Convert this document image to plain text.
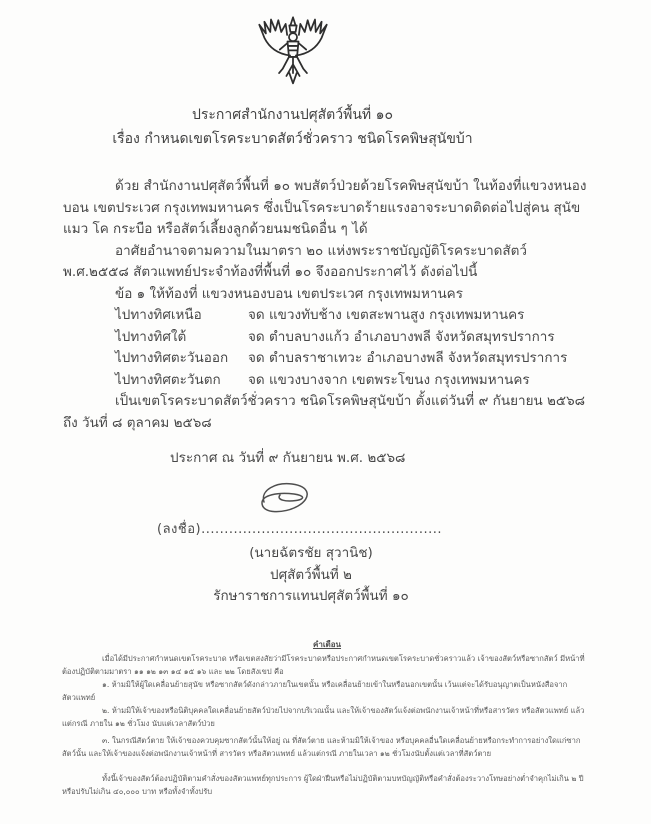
ประกาศสำนักงานปศุสัตว์พื้นที่ ๑๐
เรื่อง กำหนดเขตโรคระบาดสัตว์ชั่วคราว ชนิดโรคพิษสุนัขบ้า

ด้วย สำนักงานปศุสัตว์พื้นที่ ๑๐ พบสัตว์ป่วยด้วยโรคพิษสุนัขบ้า ในท้องที่แขวงหนองบอน เขตประเวศ กรุงเทพมหานคร ซึ่งเป็นโรคระบาดร้ายแรงอาจระบาดติดต่อไปสู่คน สุนัข แมว โค กระบือ หรือสัตว์เลี้ยงลูกด้วยนมชนิดอื่น ๆ ได้

อาศัยอำนาจตามความในมาตรา ๒๐ แห่งพระราชบัญญัติโรคระบาดสัตว์ พ.ศ.๒๕๕๘ สัตวแพทย์ประจำท้องที่พื้นที่ ๑๐ จึงออกประกาศไว้ ดังต่อไปนี้

ข้อ ๑ ให้ท้องที่ แขวงหนองบอน เขตประเวศ กรุงเทพมหานคร

ไปทางทิศเหนือ	จด แขวงทับช้าง เขตสะพานสูง กรุงเทพมหานคร
ไปทางทิศใต้	จด ตำบลบางแก้ว อำเภอบางพลี จังหวัดสมุทรปราการ
ไปทางทิศตะวันออก	จด ตำบลราชาเทวะ อำเภอบางพลี จังหวัดสมุทรปราการ
ไปทางทิศตะวันตก	จด แขวงบางจาก เขตพระโขนง กรุงเทพมหานคร

เป็นเขตโรคระบาดสัตว์ชั่วคราว ชนิดโรคพิษสุนัขบ้า ตั้งแต่วันที่ ๙ กันยายน ๒๕๖๘ ถึง วันที่ ๘ ตุลาคม ๒๕๖๘

ประกาศ ณ วันที่ ๙ กันยายน พ.ศ. ๒๕๖๘
(ลงชื่อ)....................................................
(นายฉัตรชัย สุวานิช)
ปศุสัตว์พื้นที่ ๒
รักษาราชการแทนปศุสัตว์พื้นที่ ๑๐

คำเตือน

เมื่อได้มีประกาศกำหนดเขตโรคระบาด หรือเขตสงสัยว่ามีโรคระบาดหรือประกาศกำหนดเขตโรคระบาดชั่วคราวแล้ว เจ้าของสัตว์หรือซากสัตว์ มีหน้าที่ต้องปฏิบัติตามมาตรา ๑๑ ๑๒ ๑๓ ๑๔ ๑๕ ๑๖ และ ๒๒ โดยสังเขป คือ

๑. ห้ามมิให้ผู้ใดเคลื่อนย้ายสุนัข หรือซากสัตว์ดังกล่าวภายในเขตนั้น หรือเคลื่อนย้ายเข้าในหรือนอกเขตนั้น เว้นแต่จะได้รับอนุญาตเป็นหนังสือจากสัตวแพทย์

๒. ห้ามมิให้เจ้าของหรือนิติบุคคลใดเคลื่อนย้ายสัตว์ป่วยไปจากบริเวณนั้น และให้เจ้าของสัตว์แจ้งต่อพนักงานเจ้าหน้าที่หรือสารวัตร หรือสัตวแพทย์ แล้วแต่กรณี ภายใน ๑๒ ชั่วโมง นับแต่เวลาสัตว์ป่วย

๓. ในกรณีสัตว์ตาย ให้เจ้าของควบคุมซากสัตว์นั้นให้อยู่ ณ ที่สัตว์ตาย และห้ามมิให้เจ้าของ หรือบุคคลอื่นใดเคลื่อนย้ายหรือกระทำการอย่างใดแก่ซากสัตว์นั้น และให้เจ้าของแจ้งต่อพนักงานเจ้าหน้าที่ สารวัตร หรือสัตวแพทย์ แล้วแต่กรณี ภายในเวลา ๑๒ ชั่วโมงนับตั้งแต่เวลาที่สัตว์ตาย

ทั้งนี้เจ้าของสัตว์ต้องปฏิบัติตามคำสั่งของสัตวแพทย์ทุกประการ ผู้ใดฝ่าฝืนหรือไม่ปฏิบัติตามบทบัญญัติหรือคำสั่งต้องระวางโทษอย่างต่ำจำคุกไม่เกิน ๒ ปี หรือปรับไม่เกิน ๔๐,๐๐๐ บาท หรือทั้งจำทั้งปรับ
